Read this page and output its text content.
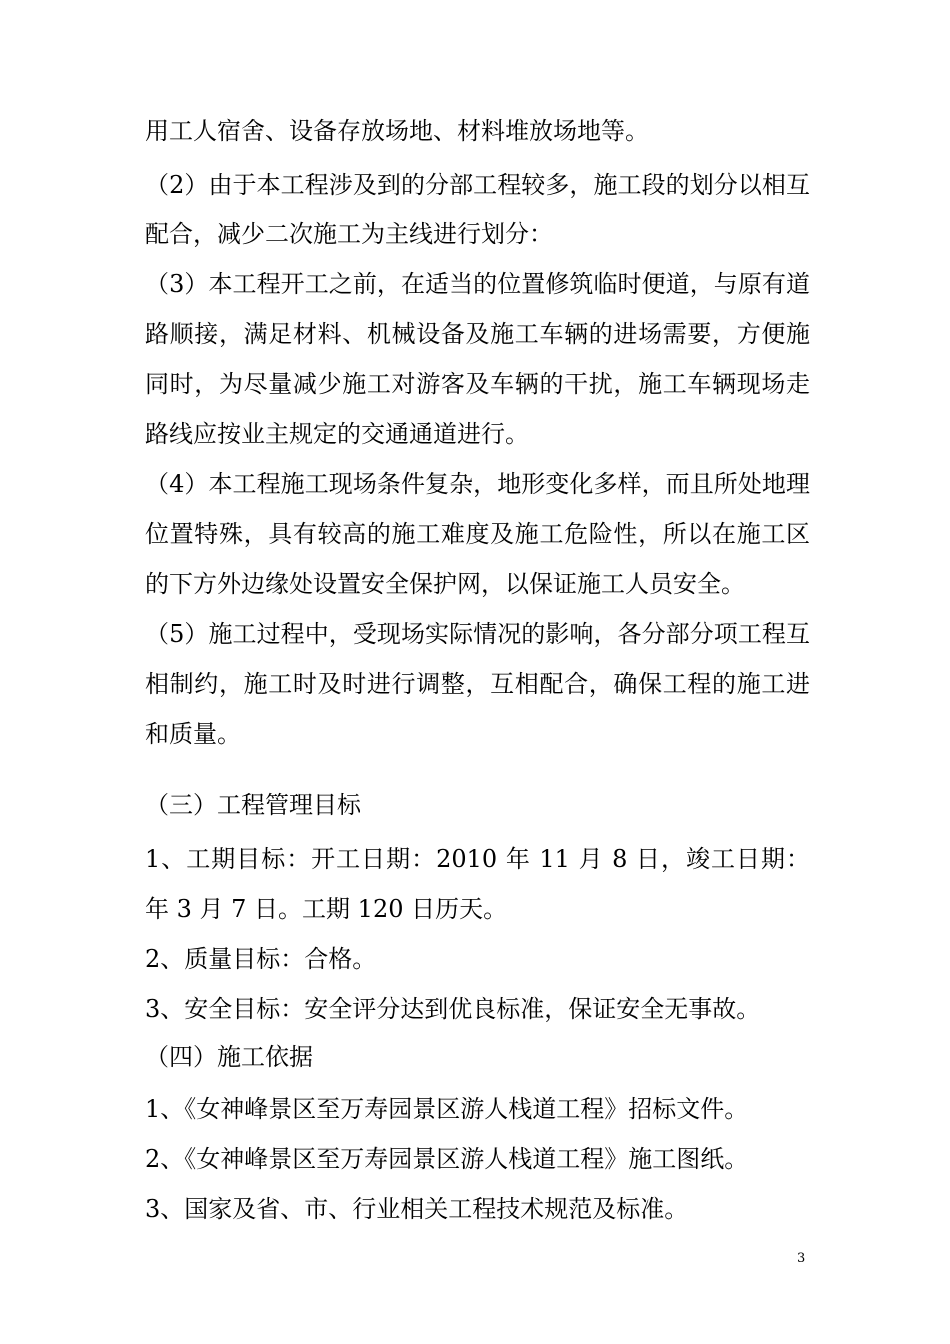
用工人宿舍、设备存放场地、材料堆放场地等。
（2）由于本工程涉及到的分部工程较多，施工段的划分以相互
配合，减少二次施工为主线进行划分：
（3）本工程开工之前，在适当的位置修筑临时便道，与原有道
路顺接，满足材料、机械设备及施工车辆的进场需要，方便施
同时，为尽量减少施工对游客及车辆的干扰，施工车辆现场走
路线应按业主规定的交通通道进行。
（4）本工程施工现场条件复杂，地形变化多样，而且所处地理
位置特殊，具有较高的施工难度及施工危险性，所以在施工区
的下方外边缘处设置安全保护网，以保证施工人员安全。
（5）施工过程中，受现场实际情况的影响，各分部分项工程互
相制约，施工时及时进行调整，互相配合，确保工程的施工进
和质量。
（三）工程管理目标
1、工期目标：开工日期：2010 年 11 月 8 日，竣工日期：
年 3 月 7 日。工期 120 日历天。
2、质量目标：合格。
3、安全目标：安全评分达到优良标准，保证安全无事故。
（四）施工依据
1、《女神峰景区至万寿园景区游人栈道工程》招标文件。
2、《女神峰景区至万寿园景区游人栈道工程》施工图纸。
3、国家及省、市、行业相关工程技术规范及标准。
3
